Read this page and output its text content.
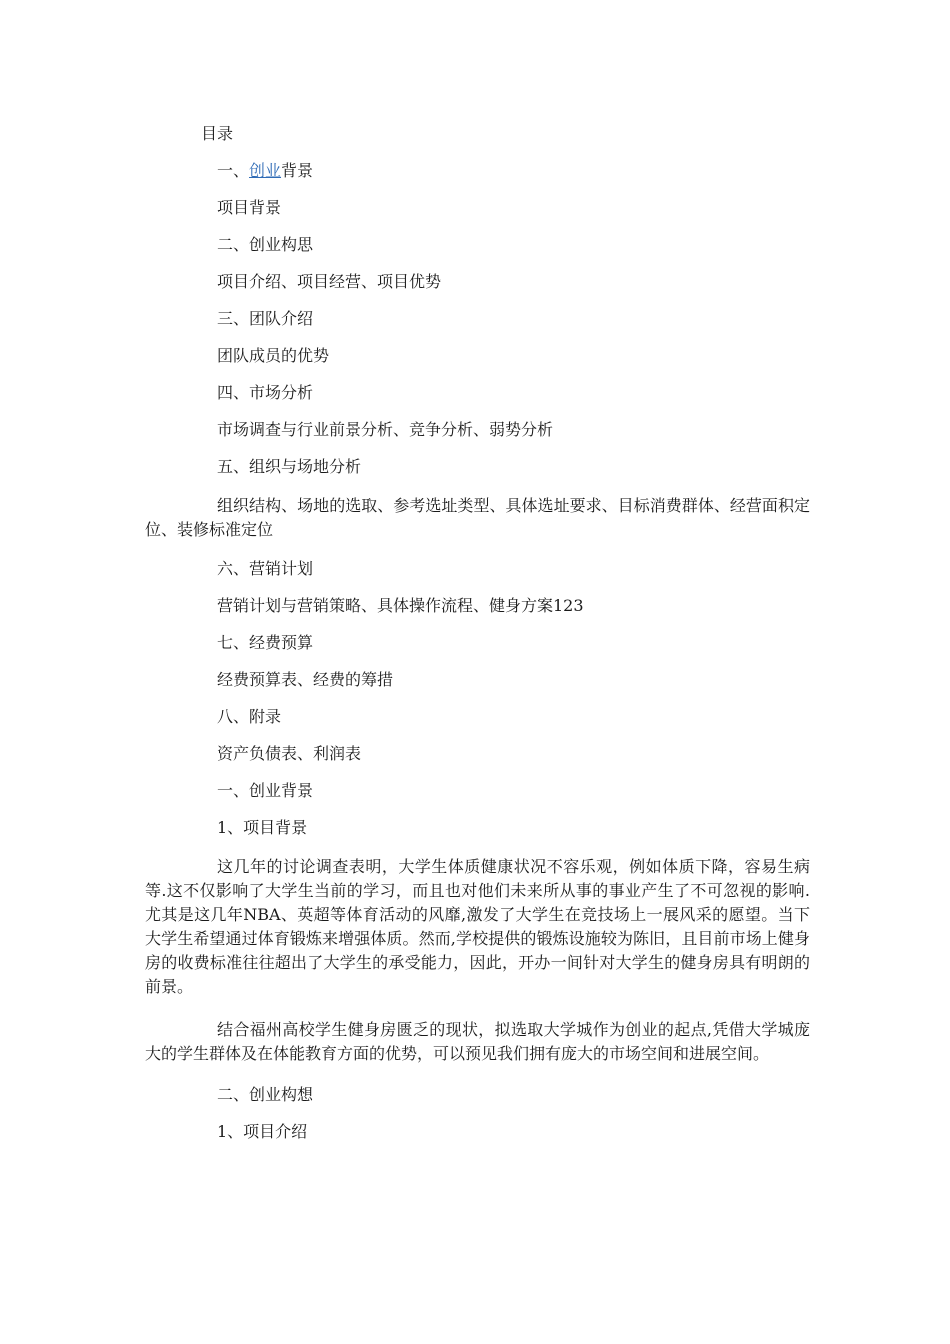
目录
一、创业背景
项目背景
二、创业构思
项目介绍、项目经营、项目优势
三、团队介绍
团队成员的优势
四、市场分析
市场调查与行业前景分析、竞争分析、弱势分析
五、组织与场地分析
组织结构、场地的选取、参考选址类型、具体选址要求、目标消费群体、经营面积定位、装修标准定位
六、营销计划
营销计划与营销策略、具体操作流程、健身方案123
七、经费预算
经费预算表、经费的筹措
八、附录
资产负债表、利润表
一、创业背景
1、项目背景
这几年的讨论调查表明，大学生体质健康状况不容乐观，例如体质下降，容易生病等.这不仅影响了大学生当前的学习，而且也对他们未来所从事的事业产生了不可忽视的影响.尤其是这几年NBA、英超等体育活动的风靡,激发了大学生在竞技场上一展风采的愿望。当下大学生希望通过体育锻炼来增强体质。然而,学校提供的锻炼设施较为陈旧，且目前市场上健身房的收费标准往往超出了大学生的承受能力，因此，开办一间针对大学生的健身房具有明朗的前景。
结合福州高校学生健身房匮乏的现状，拟选取大学城作为创业的起点,凭借大学城庞大的学生群体及在体能教育方面的优势，可以预见我们拥有庞大的市场空间和进展空间。
二、创业构想
1、项目介绍
